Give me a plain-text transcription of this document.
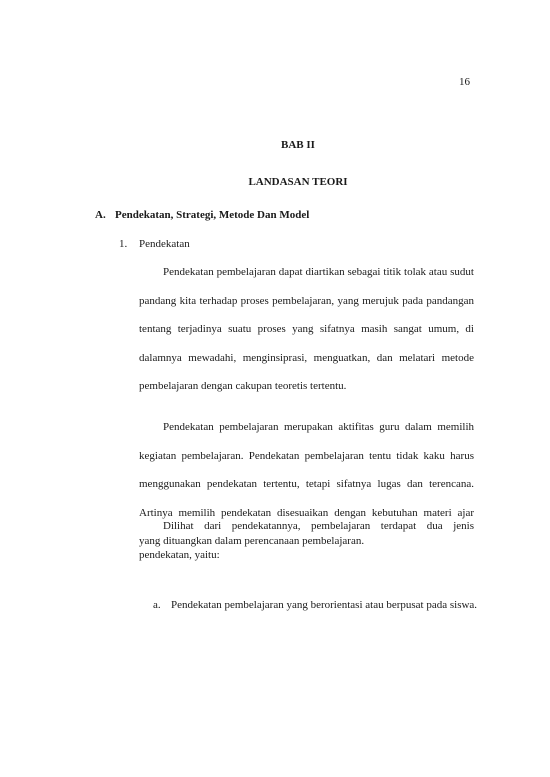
16
BAB II
LANDASAN TEORI
A. Pendekatan, Strategi, Metode Dan Model
1. Pendekatan

Pendekatan pembelajaran dapat diartikan sebagai titik tolak atau sudut pandang kita terhadap proses pembelajaran, yang merujuk pada pandangan tentang terjadinya suatu proses yang sifatnya masih sangat umum, di dalamnya mewadahi, menginsiprasi, menguatkan, dan melatari metode pembelajaran dengan cakupan teoretis tertentu.

Pendekatan pembelajaran merupakan aktifitas guru dalam memilih kegiatan pembelajaran. Pendekatan pembelajaran tentu tidak kaku harus menggunakan pendekatan tertentu, tetapi sifatnya lugas dan terencana. Artinya memilih pendekatan disesuaikan dengan kebutuhan materi ajar yang dituangkan dalam perencanaan pembelajaran.

Dilihat dari pendekatannya, pembelajaran terdapat dua jenis pendekatan, yaitu:

a. Pendekatan pembelajaran yang berorientasi atau berpusat pada siswa.
